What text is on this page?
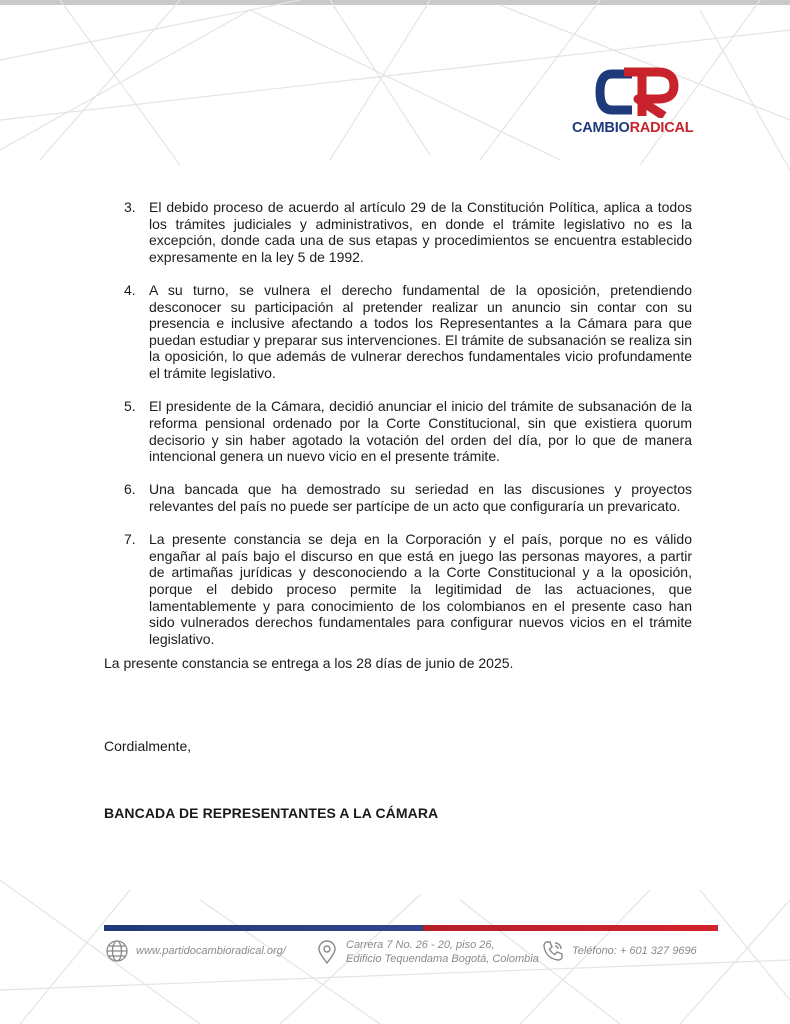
CAMBIORADICAL
3. El debido proceso de acuerdo al artículo 29 de la Constitución Política, aplica a todos los trámites judiciales y administrativos, en donde el trámite legislativo no es la excepción, donde cada una de sus etapas y procedimientos se encuentra establecido expresamente en la ley 5 de 1992.
4. A su turno, se vulnera el derecho fundamental de la oposición, pretendiendo desconocer su participación al pretender realizar un anuncio sin contar con su presencia e inclusive afectando a todos los Representantes a la Cámara para que puedan estudiar y preparar sus intervenciones. El trámite de subsanación se realiza sin la oposición, lo que además de vulnerar derechos fundamentales vicio profundamente el trámite legislativo.
5. El presidente de la Cámara, decidió anunciar el inicio del trámite de subsanación de la reforma pensional ordenado por la Corte Constitucional, sin que existiera quorum decisorio y sin haber agotado la votación del orden del día, por lo que de manera intencional genera un nuevo vicio en el presente trámite.
6. Una bancada que ha demostrado su seriedad en las discusiones y proyectos relevantes del país no puede ser partícipe de un acto que configuraría un prevaricato.
7. La presente constancia se deja en la Corporación y el país, porque no es válido engañar al país bajo el discurso en que está en juego las personas mayores, a partir de artimañas jurídicas y desconociendo a la Corte Constitucional y a la oposición, porque el debido proceso permite la legitimidad de las actuaciones, que lamentablemente y para conocimiento de los colombianos en el presente caso han sido vulnerados derechos fundamentales para configurar nuevos vicios en el trámite legislativo.

La presente constancia se entrega a los 28 días de junio de 2025.

Cordialmente,
BANCADA DE REPRESENTANTES A LA CÁMARA
www.partidocambioradical.org/	Carrera 7 No. 26 - 20, piso 26,
Edificio Tequendama Bogotá, Colombia
Teléfono: + 601 327 9696
